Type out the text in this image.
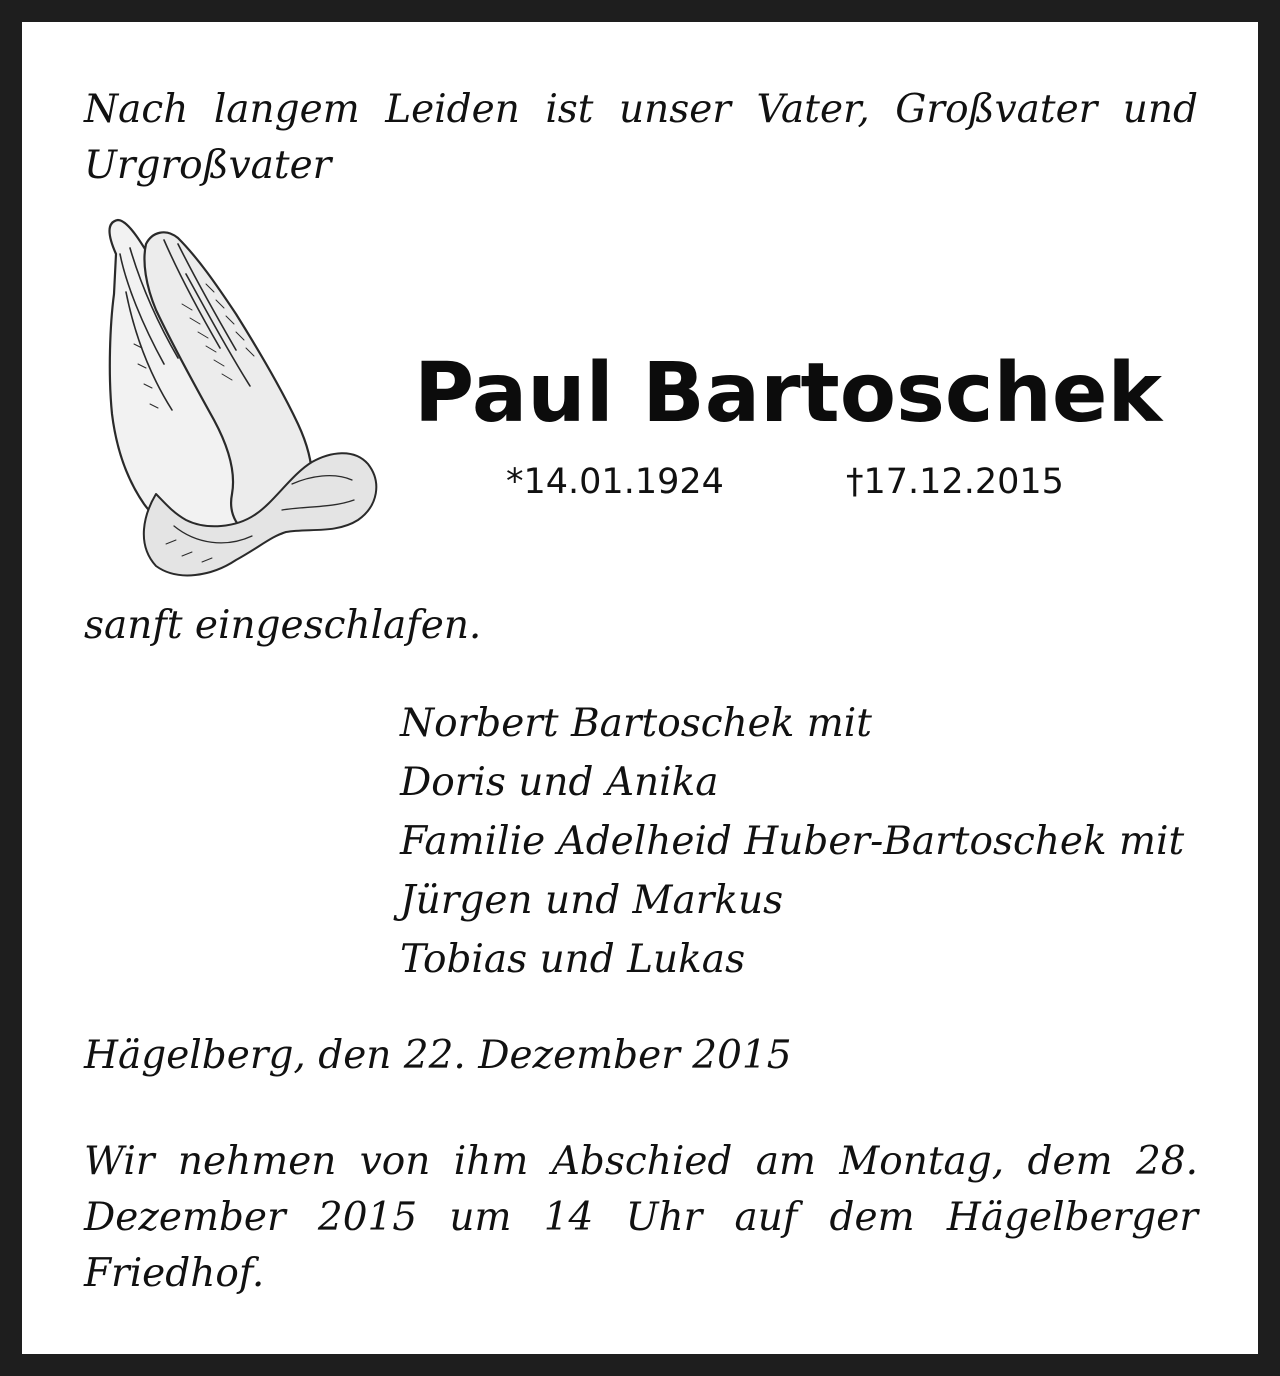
Nach langem Leiden ist unser Vater, Großvater und Urgroßvater

Paul Bartoschek
*14.01.1924	†17.12.2015

sanft eingeschlafen.

Norbert Bartoschek mit
Doris und Anika
Familie Adelheid Huber-Bartoschek mit
Jürgen und Markus
Tobias und Lukas

Hägelberg, den 22. Dezember 2015

Wir nehmen von ihm Abschied am Montag, dem 28. Dezember 2015 um 14 Uhr auf dem Hägelberger Friedhof.
